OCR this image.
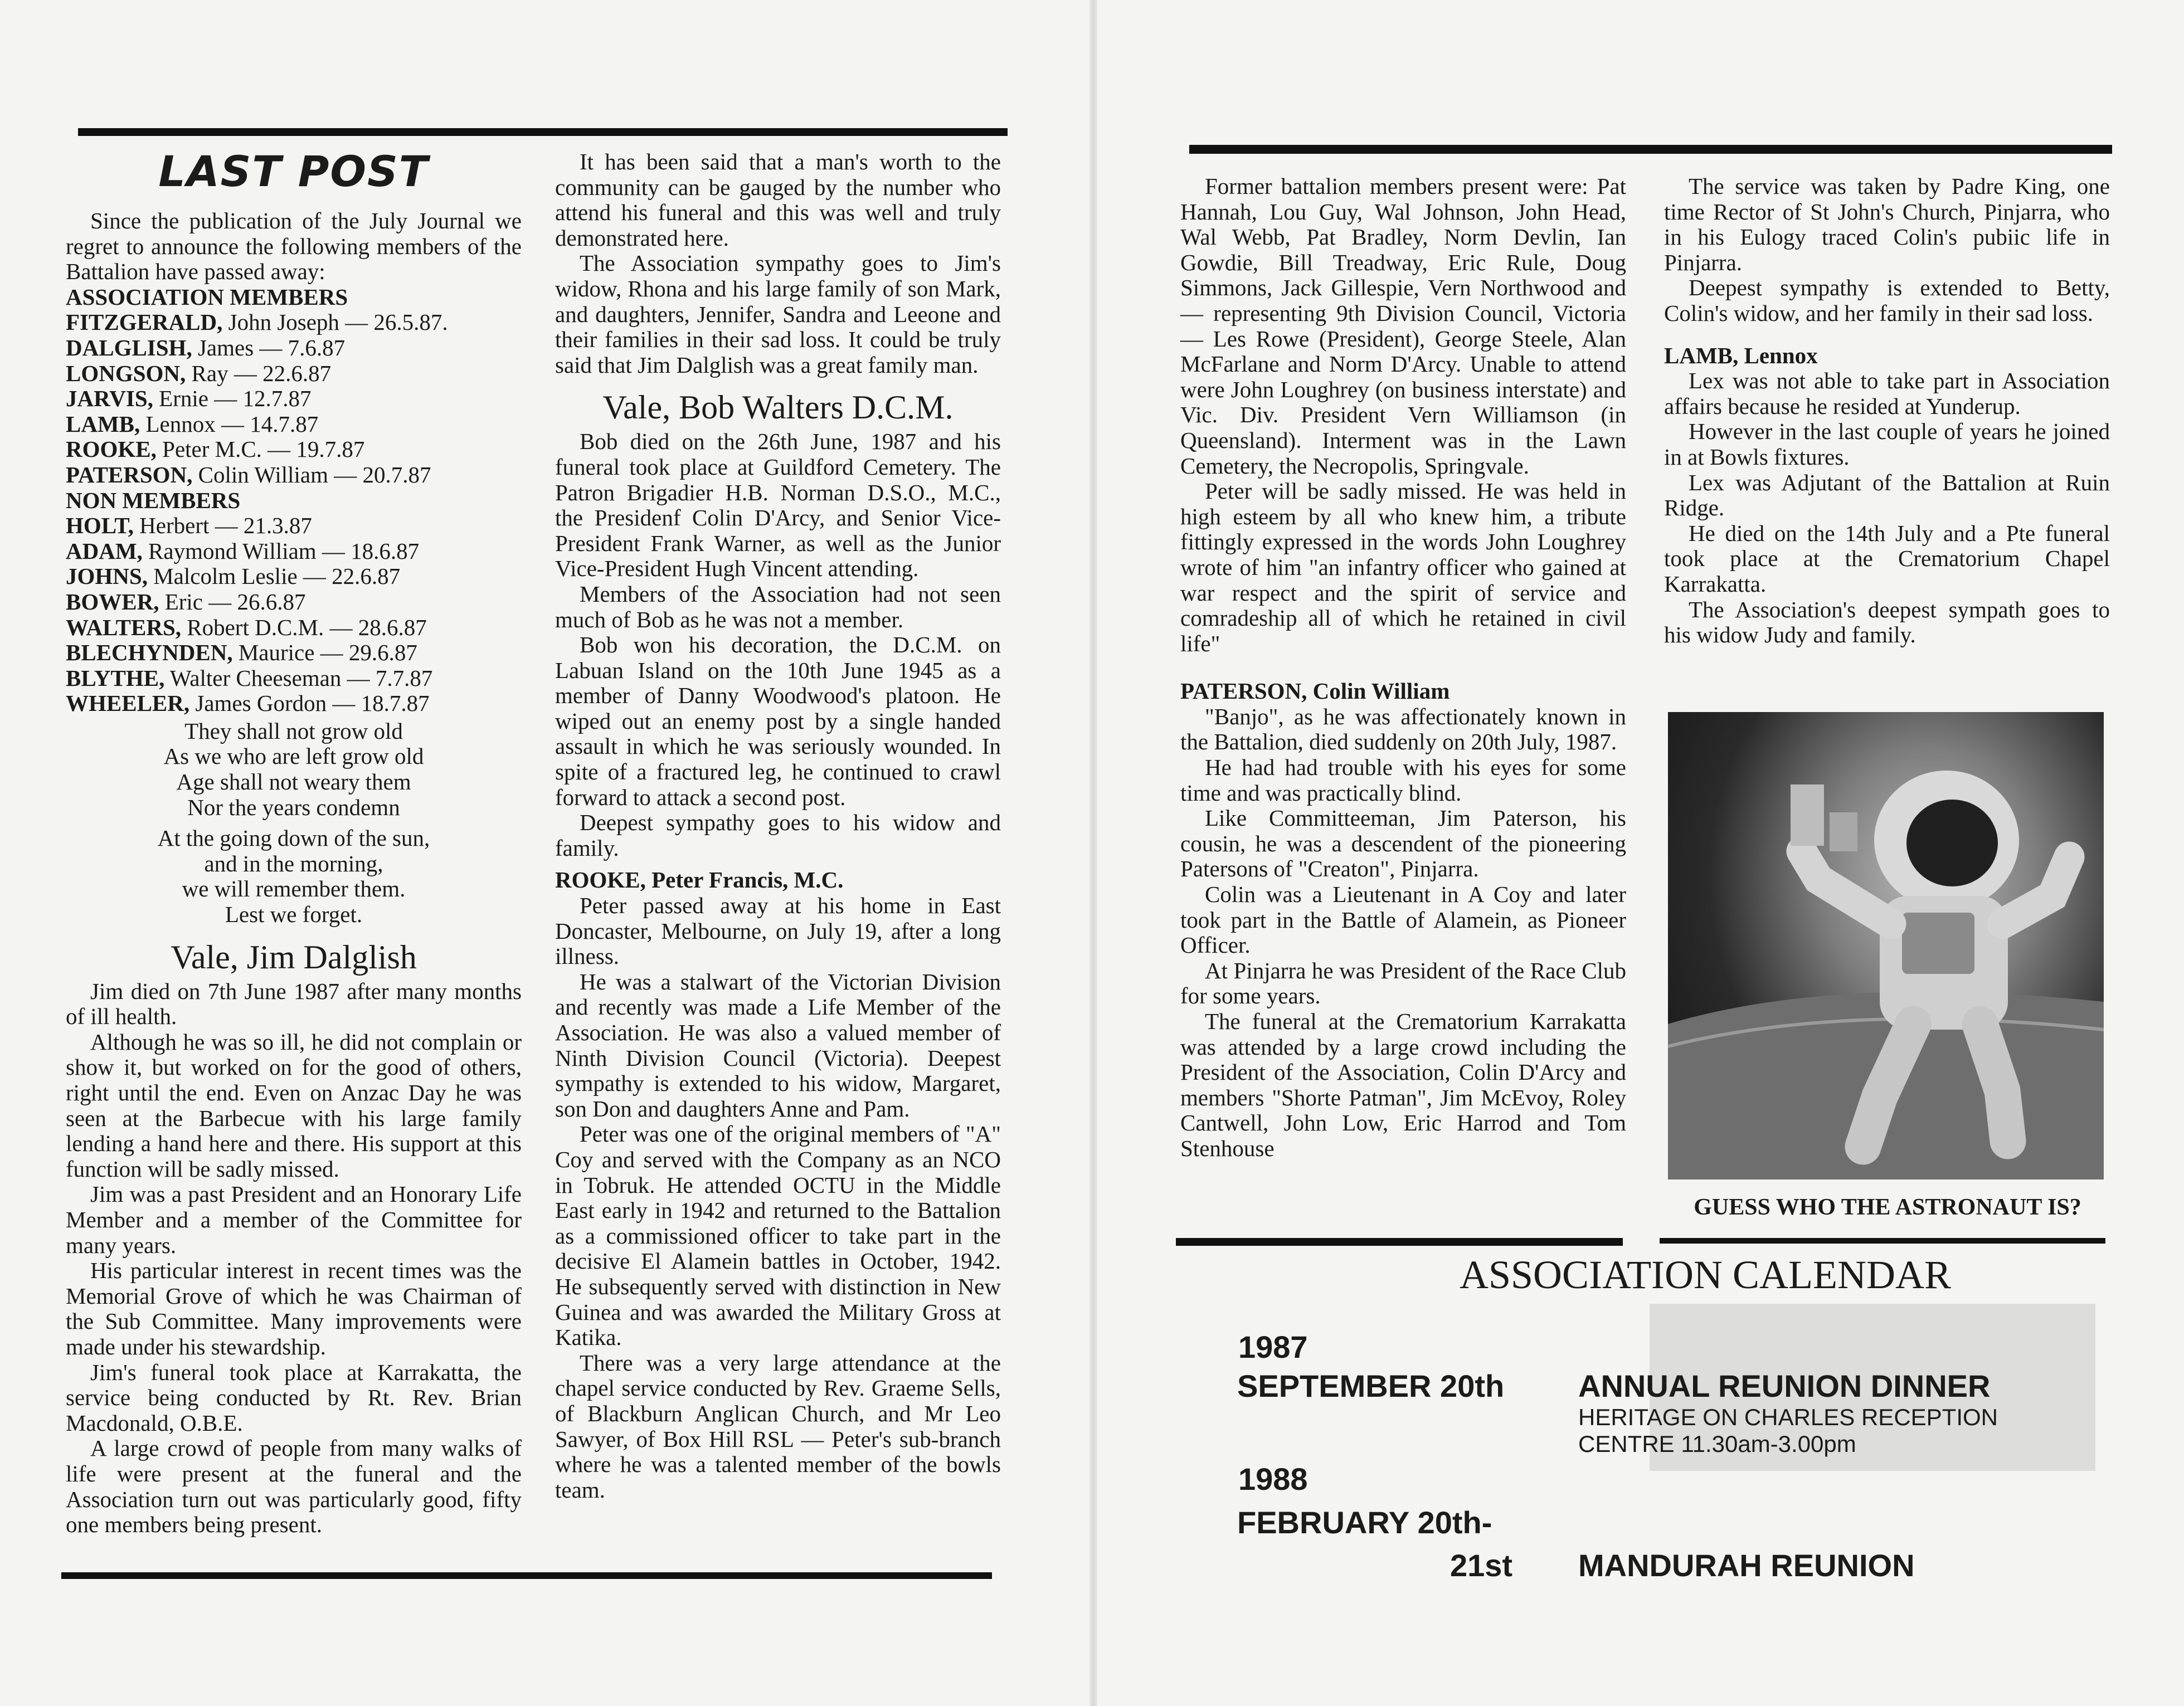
LAST POST

Since the publication of the July Journal we regret to announce the following members of the Battalion have passed away:

ASSOCIATION MEMBERS
FITZGERALD, John Joseph — 26.5.87.
DALGLISH, James — 7.6.87
LONGSON, Ray — 22.6.87
JARVIS, Ernie — 12.7.87
LAMB, Lennox — 14.7.87
ROOKE, Peter M.C. — 19.7.87
PATERSON, Colin William — 20.7.87
NON MEMBERS
HOLT, Herbert — 21.3.87
ADAM, Raymond William — 18.6.87
JOHNS, Malcolm Leslie — 22.6.87
BOWER, Eric — 26.6.87
WALTERS, Robert D.C.M. — 28.6.87
BLECHYNDEN, Maurice — 29.6.87
BLYTHE, Walter Cheeseman — 7.7.87
WHEELER, James Gordon — 18.7.87
They shall not grow old
As we who are left grow old
Age shall not weary them
Nor the years condemn
At the going down of the sun,
and in the morning,
we will remember them.
Lest we forget.
Vale, Jim Dalglish

Jim died on 7th June 1987 after many months of ill health.

Although he was so ill, he did not complain or show it, but worked on for the good of others, right until the end. Even on Anzac Day he was seen at the Barbecue with his large family lending a hand here and there. His support at this function will be sadly missed.

Jim was a past President and an Honorary Life Member and a member of the Committee for many years.

His particular interest in recent times was the Memorial Grove of which he was Chairman of the Sub Committee. Many improvements were made under his stewardship.

Jim's funeral took place at Karrakatta, the service being conducted by Rt. Rev. Brian Macdonald, O.B.E.

A large crowd of people from many walks of life were present at the funeral and the Association turn out was particularly good, fifty one members being present.

It has been said that a man's worth to the community can be gauged by the number who attend his funeral and this was well and truly demonstrated here.

The Association sympathy goes to Jim's widow, Rhona and his large family of son Mark, and daughters, Jennifer, Sandra and Leeone and their families in their sad loss. It could be truly said that Jim Dalglish was a great family man.

Vale, Bob Walters D.C.M.

Bob died on the 26th June, 1987 and his funeral took place at Guildford Cemetery. The Patron Brigadier H.B. Norman D.S.O., M.C., the Presidenf Colin D'Arcy, and Senior Vice-President Frank Warner, as well as the Junior Vice-President Hugh Vincent attending.

Members of the Association had not seen much of Bob as he was not a member.

Bob won his decoration, the D.C.M. on Labuan Island on the 10th June 1945 as a member of Danny Woodwood's platoon. He wiped out an enemy post by a single handed assault in which he was seriously wounded. In spite of a fractured leg, he continued to crawl forward to attack a second post.

Deepest sympathy goes to his widow and family.

ROOKE, Peter Francis, M.C.

Peter passed away at his home in East Doncaster, Melbourne, on July 19, after a long illness.

He was a stalwart of the Victorian Division and recently was made a Life Member of the Association. He was also a valued member of Ninth Division Council (Victoria). Deepest sympathy is extended to his widow, Margaret, son Don and daughters Anne and Pam.

Peter was one of the original members of "A" Coy and served with the Company as an NCO in Tobruk. He attended OCTU in the Middle East early in 1942 and returned to the Battalion as a commissioned officer to take part in the decisive El Alamein battles in October, 1942. He subsequently served with distinction in New Guinea and was awarded the Military Gross at Katika.

There was a very large attendance at the chapel service conducted by Rev. Graeme Sells, of Blackburn Anglican Church, and Mr Leo Sawyer, of Box Hill RSL — Peter's sub-branch where he was a talented member of the bowls team.

Former battalion members present were: Pat Hannah, Lou Guy, Wal Johnson, John Head, Wal Webb, Pat Bradley, Norm Devlin, Ian Gowdie, Bill Treadway, Eric Rule, Doug Simmons, Jack Gillespie, Vern Northwood and — representing 9th Division Council, Victoria — Les Rowe (President), George Steele, Alan McFarlane and Norm D'Arcy. Unable to attend were John Loughrey (on business interstate) and Vic. Div. President Vern Williamson (in Queensland). Interment was in the Lawn Cemetery, the Necropolis, Springvale.

Peter will be sadly missed. He was held in high esteem by all who knew him, a tribute fittingly expressed in the words John Loughrey wrote of him "an infantry officer who gained at war respect and the spirit of service and comradeship all of which he retained in civil life"

PATERSON, Colin William

"Banjo", as he was affectionately known in the Battalion, died suddenly on 20th July, 1987.

He had had trouble with his eyes for some time and was practically blind.

Like Committeeman, Jim Paterson, his cousin, he was a descendent of the pioneering Patersons of "Creaton", Pinjarra.

Colin was a Lieutenant in A Coy and later took part in the Battle of Alamein, as Pioneer Officer.

At Pinjarra he was President of the Race Club for some years.

The funeral at the Crematorium Karrakatta was attended by a large crowd including the President of the Association, Colin D'Arcy and members "Shorte Patman", Jim McEvoy, Roley Cantwell, John Low, Eric Harrod and Tom Stenhouse

The service was taken by Padre King, one time Rector of St John's Church, Pinjarra, who in his Eulogy traced Colin's pubiic life in Pinjarra.

Deepest sympathy is extended to Betty, Colin's widow, and her family in their sad loss.

LAMB, Lennox

Lex was not able to take part in Association affairs because he resided at Yunderup.

However in the last couple of years he joined in at Bowls fixtures.

Lex was Adjutant of the Battalion at Ruin Ridge.

He died on the 14th July and a Pte funeral took place at the Crematorium Chapel Karrakatta.

The Association's deepest sympath goes to his widow Judy and family.

GUESS WHO THE ASTRONAUT IS?
ASSOCIATION CALENDAR
1987
SEPTEMBER 20th ANNUAL REUNION DINNER
HERITAGE ON CHARLES RECEPTION
CENTRE 11.30am-3.00pm
1988
FEBRUARY 20th-
21st MANDURAH REUNION
